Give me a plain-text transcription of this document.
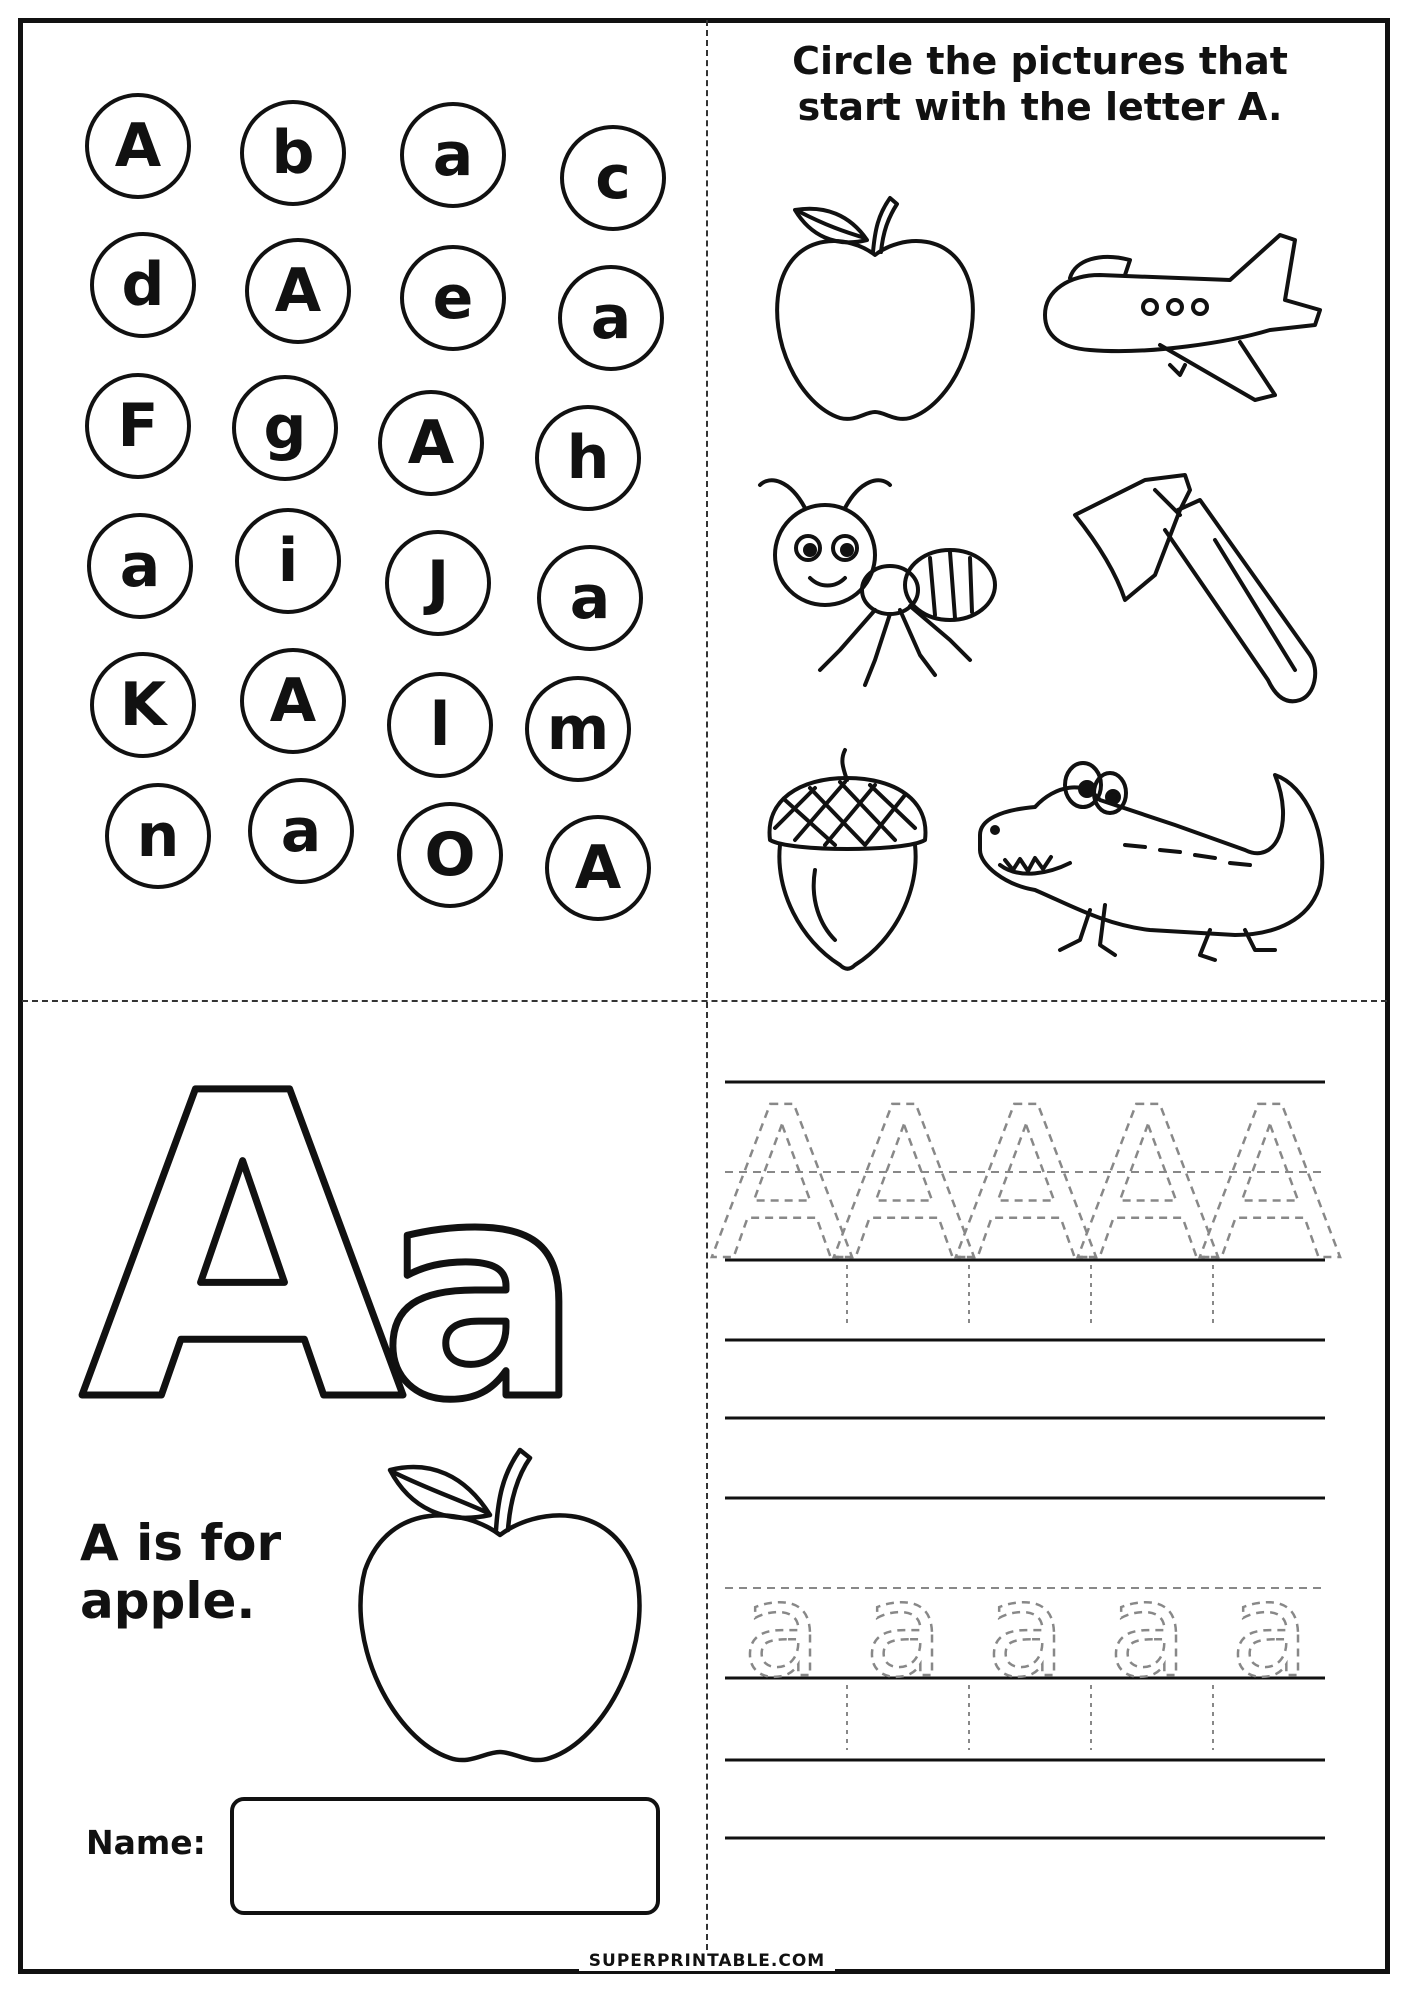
A	b	a	c
d	A	e	a
F	g	A	h
a	i	J	a
K	A	l	m
n	a	O	A
Circle the pictures that start with the letter A.
A
a
A is for apple.
Name:
A
A
A
A
A
a a a a a
SUPERPRINTABLE.COM
